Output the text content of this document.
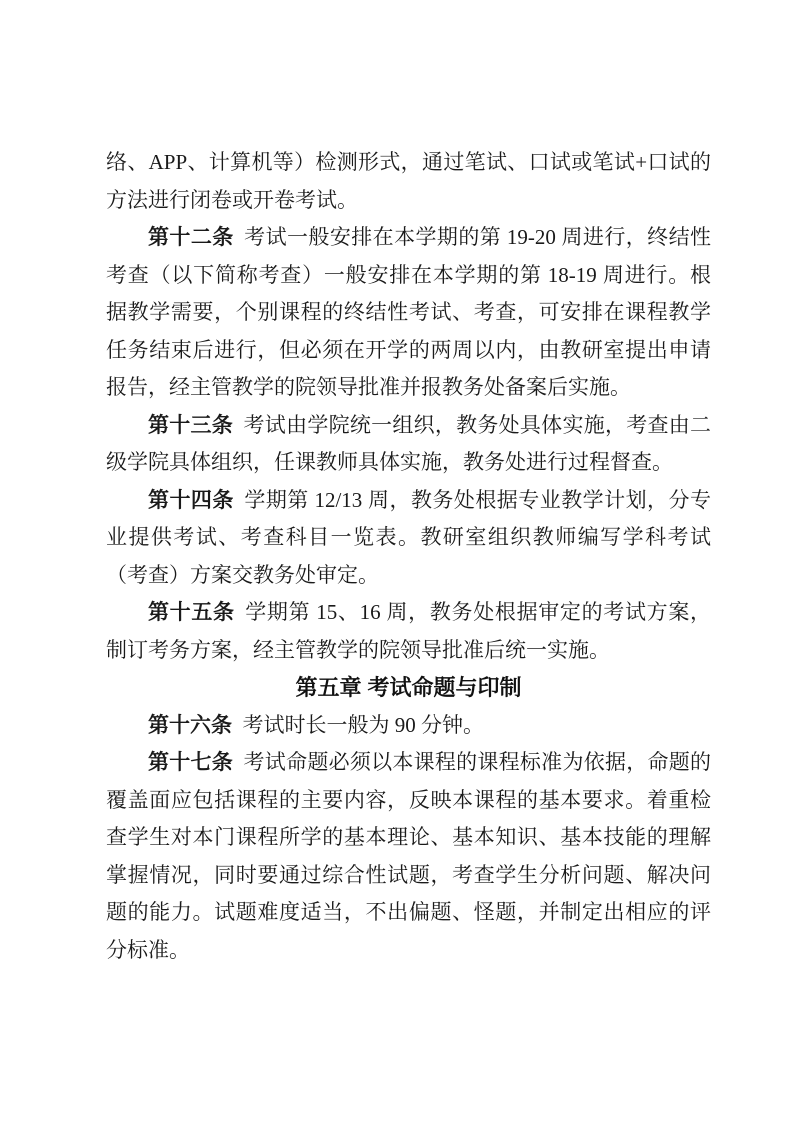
络、APP、计算机等）检测形式，通过笔试、口试或笔试+口试的方法进行闭卷或开卷考试。

第十二条 考试一般安排在本学期的第 19-20 周进行，终结性考查（以下简称考查）一般安排在本学期的第 18-19 周进行。根据教学需要，个别课程的终结性考试、考查，可安排在课程教学任务结束后进行，但必须在开学的两周以内，由教研室提出申请报告，经主管教学的院领导批准并报教务处备案后实施。

第十三条 考试由学院统一组织，教务处具体实施，考查由二级学院具体组织，任课教师具体实施，教务处进行过程督查。

第十四条 学期第 12/13 周，教务处根据专业教学计划，分专业提供考试、考查科目一览表。教研室组织教师编写学科考试（考查）方案交教务处审定。

第十五条 学期第 15、16 周，教务处根据审定的考试方案，制订考务方案，经主管教学的院领导批准后统一实施。

第五章 考试命题与印制

第十六条 考试时长一般为 90 分钟。

第十七条 考试命题必须以本课程的课程标准为依据，命题的覆盖面应包括课程的主要内容，反映本课程的基本要求。着重检查学生对本门课程所学的基本理论、基本知识、基本技能的理解掌握情况，同时要通过综合性试题，考查学生分析问题、解决问题的能力。试题难度适当，不出偏题、怪题，并制定出相应的评分标准。
